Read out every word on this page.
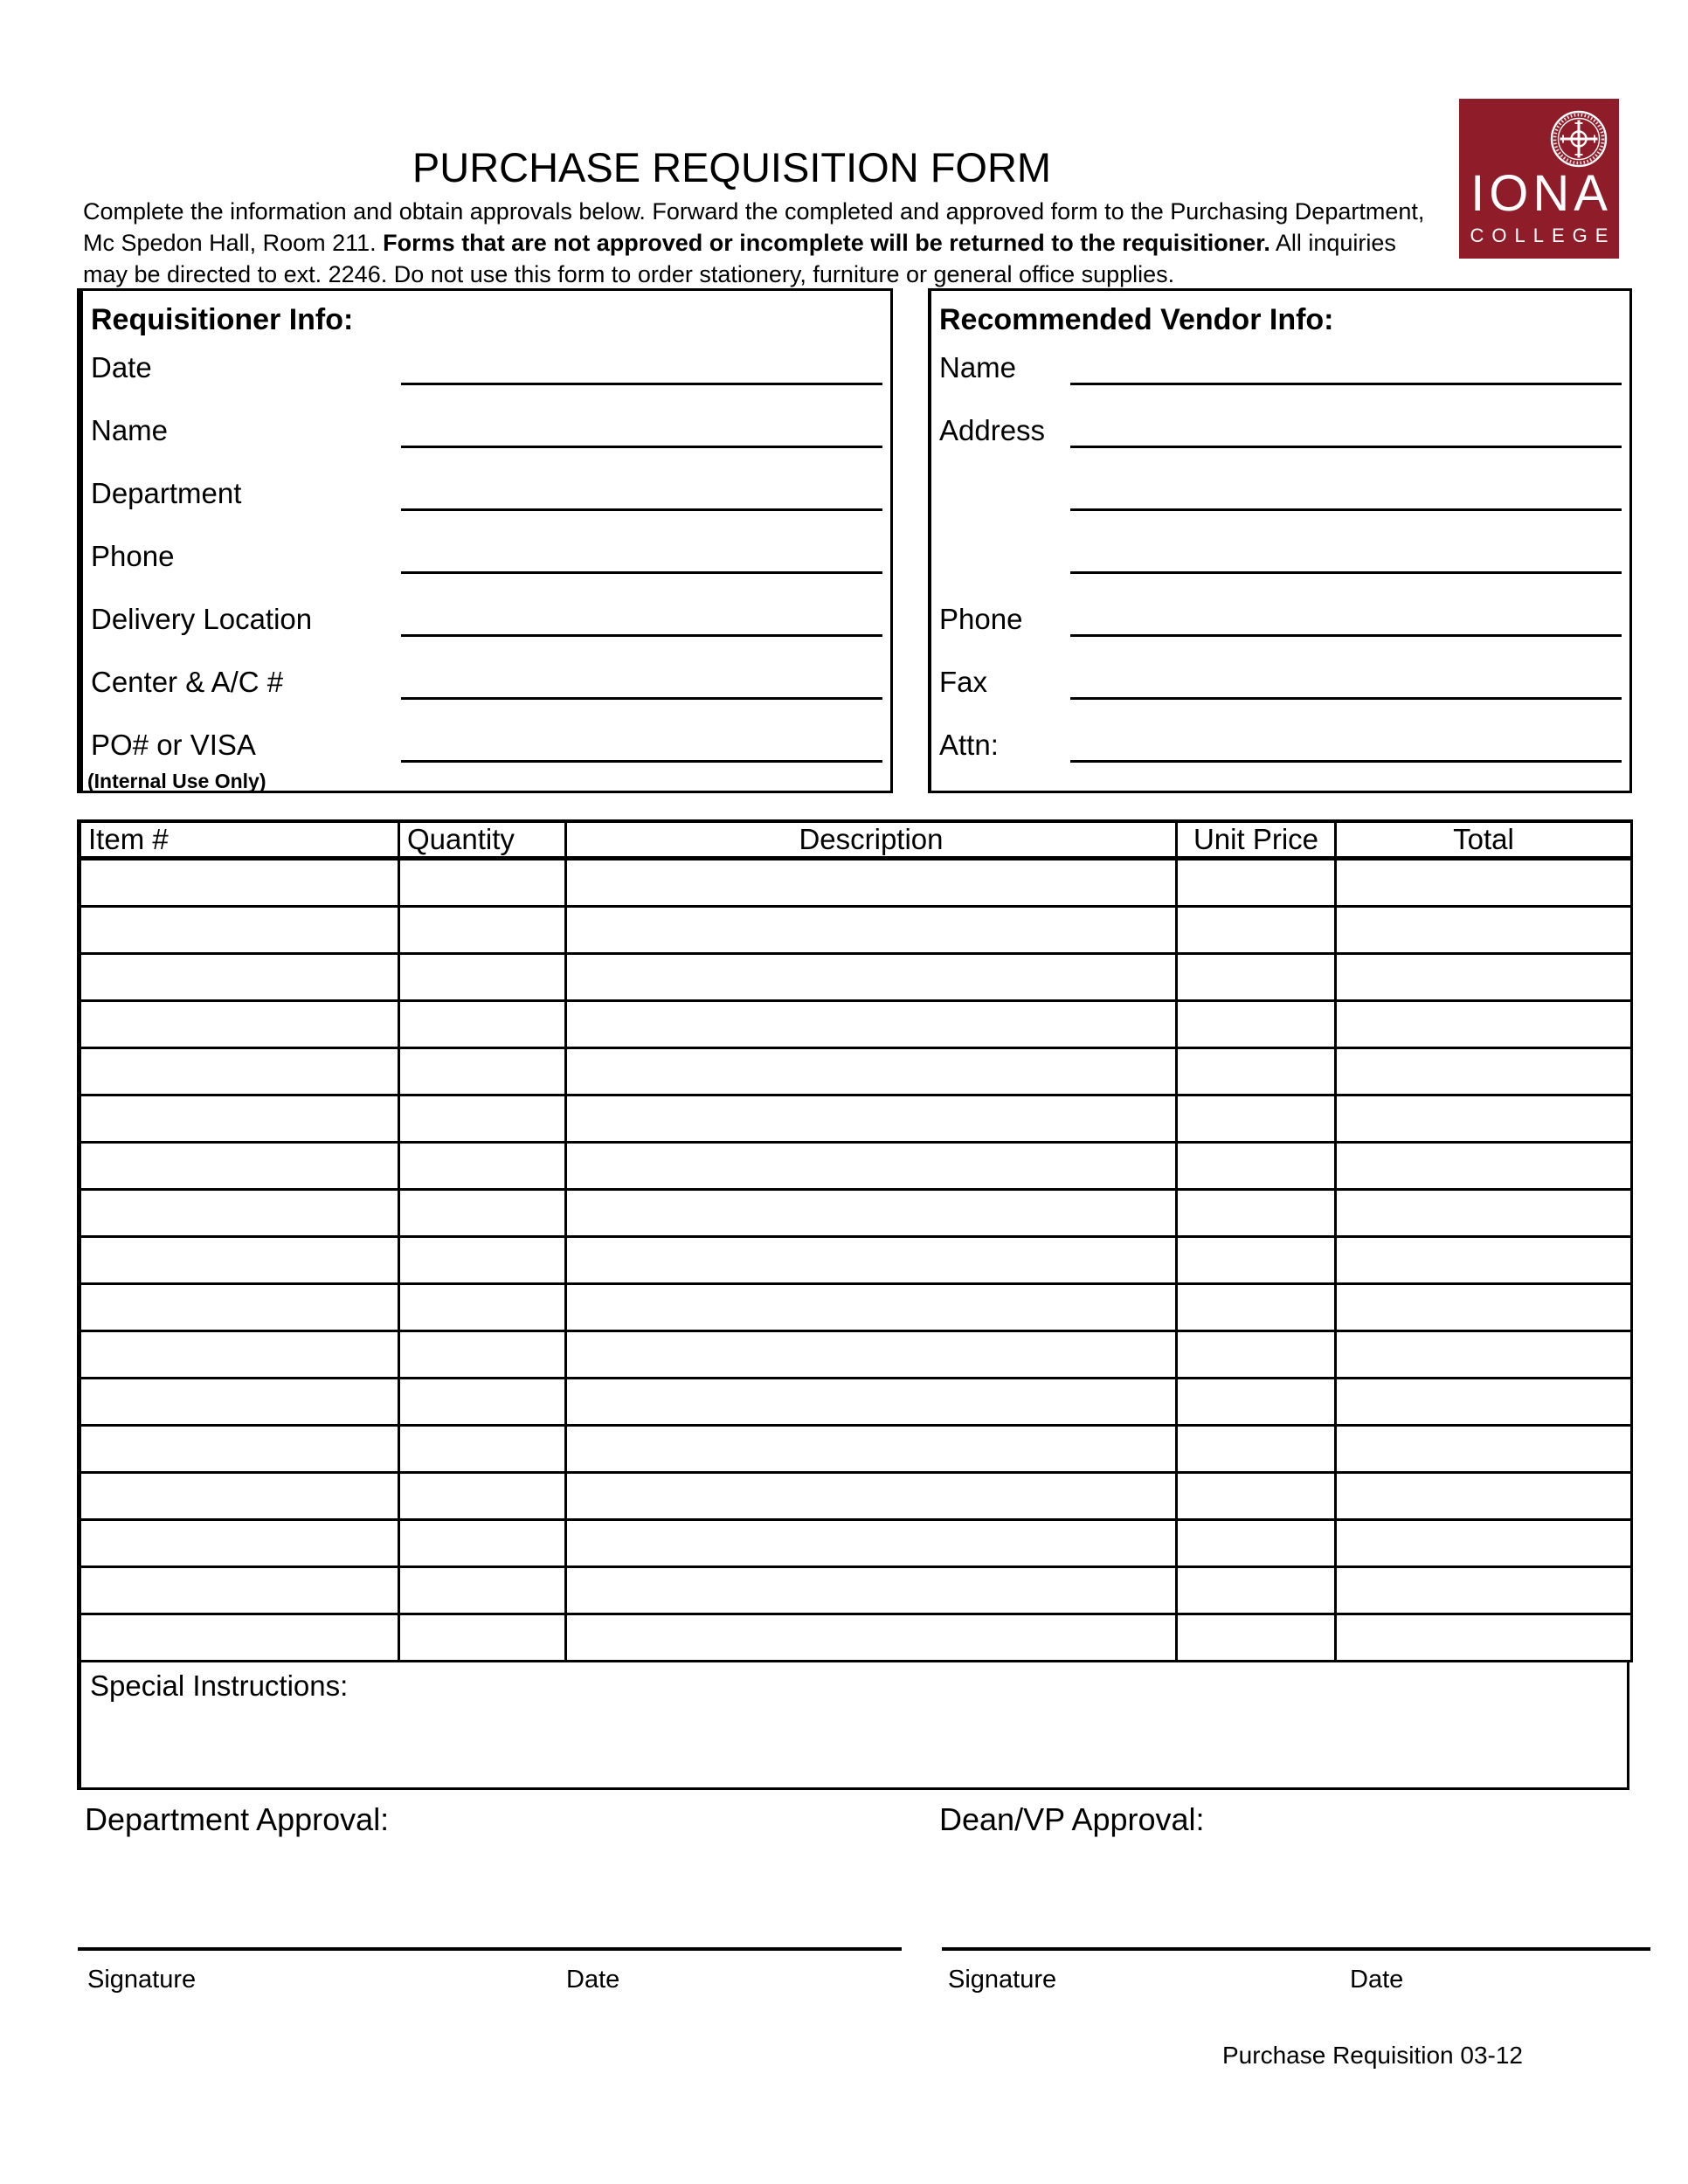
PURCHASE REQUISITION FORM
Complete the information and obtain approvals below. Forward the completed and approved form to the Purchasing Department,
Mc Spedon Hall, Room 211. Forms that are not approved or incomplete will be returned to the requisitioner. All inquiries
may be directed to ext. 2246. Do not use this form to order stationery, furniture or general office supplies.
IONA
COLLEGE
Requisitioner Info:
Date
Name
Department
Phone
Delivery Location
Center & A/C #
PO# or VISA
(Internal Use Only)
Recommended Vendor Info:
Name
Address
Phone
Fax
Attn:
Item #	Quantity	Description	Unit Price	Total

Special Instructions:
Department Approval:	Dean/VP Approval:
Signature	Date	Signature	Date
Purchase Requisition 03-12
